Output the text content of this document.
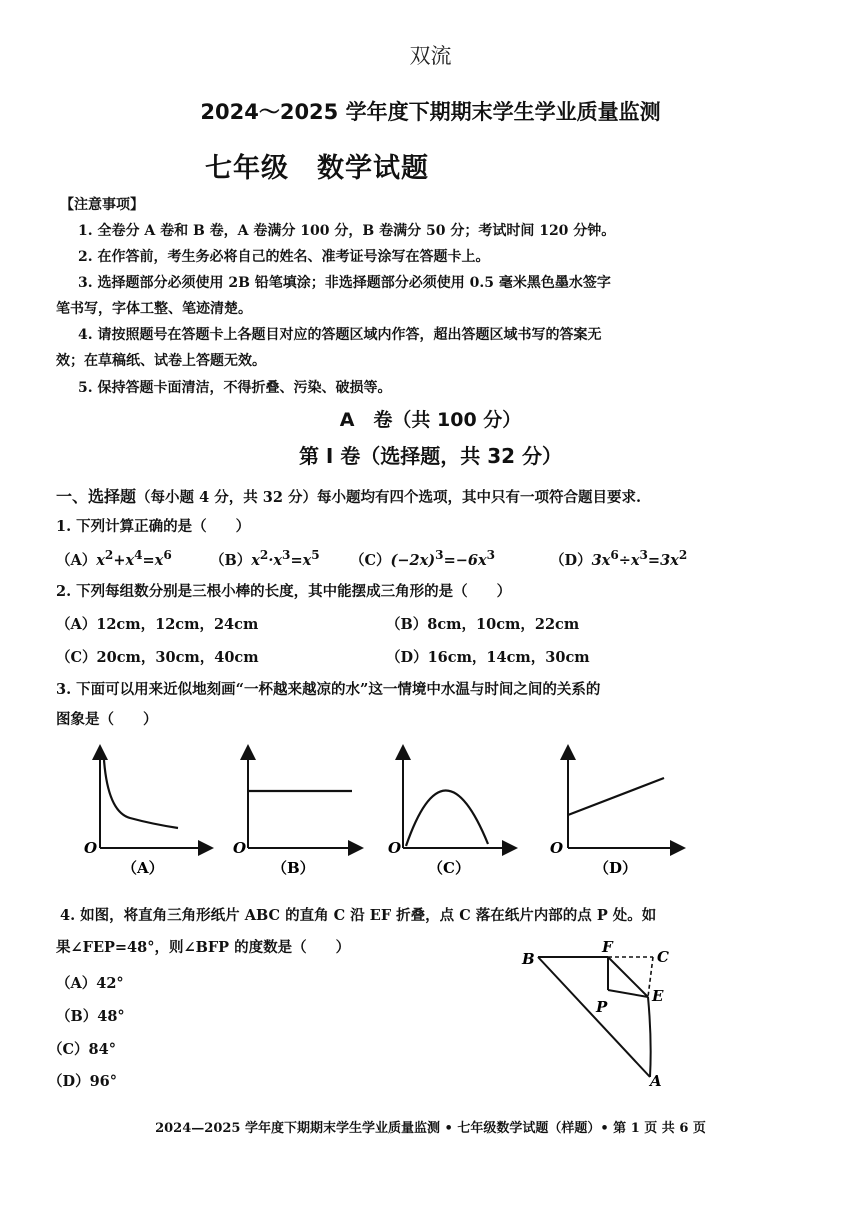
双流
2024～2025 学年度下期期末学生学业质量监测
七年级　数学试题
【注意事项】
1. 全卷分 A 卷和 B 卷，A 卷满分 100 分，B 卷满分 50 分；考试时间 120 分钟。
2. 在作答前，考生务必将自己的姓名、准考证号涂写在答题卡上。
3. 选择题部分必须使用 2B 铅笔填涂；非选择题部分必须使用 0.5 毫米黑色墨水签字
笔书写，字体工整、笔迹清楚。
4. 请按照题号在答题卡上各题目对应的答题区域内作答，超出答题区域书写的答案无
效；在草稿纸、试卷上答题无效。
5. 保持答题卡面清洁，不得折叠、污染、破损等。
A　卷（共 100 分）
第 I 卷（选择题，共 32 分）
一、选择题（每小题 4 分，共 32 分）每小题均有四个选项，其中只有一项符合题目要求.
1. 下列计算正确的是（　　）
$(A)x^2+x^4=x^6$	$(B)x^2\cdot x^3=x^5$ $(C)(-2x)^3=-6x^3$	$(D)3x^6\div x^3=3x^2$
2. 下列每组数分别是三根小棒的长度，其中能摆成三角形的是（　　）
（A）12cm，12cm，24cm	（B）8cm，10cm，22cm
（C）20cm，30cm，40cm	（D）16cm，14cm，30cm
3. 下面可以用来近似地刻画“一杯越来越凉的水”这一情境中水温与时间之间的关系的
图象是（　　）
O
（A）
O
（B）
O
（C）
O
（D）
4. 如图，将直角三角形纸片 ABC 的直角 C 沿 EF 折叠，点 C 落在纸片内部的点 P 处。如
果∠FEP=48°，则∠BFP 的度数是（　　）
（A）42°
（B）48°
（C）84°
（D）96°
B
F
C
E
P
A
2024—2025 学年度下期期末学生学业质量监测 • 七年级数学试题（样题）• 第 1 页 共 6 页
